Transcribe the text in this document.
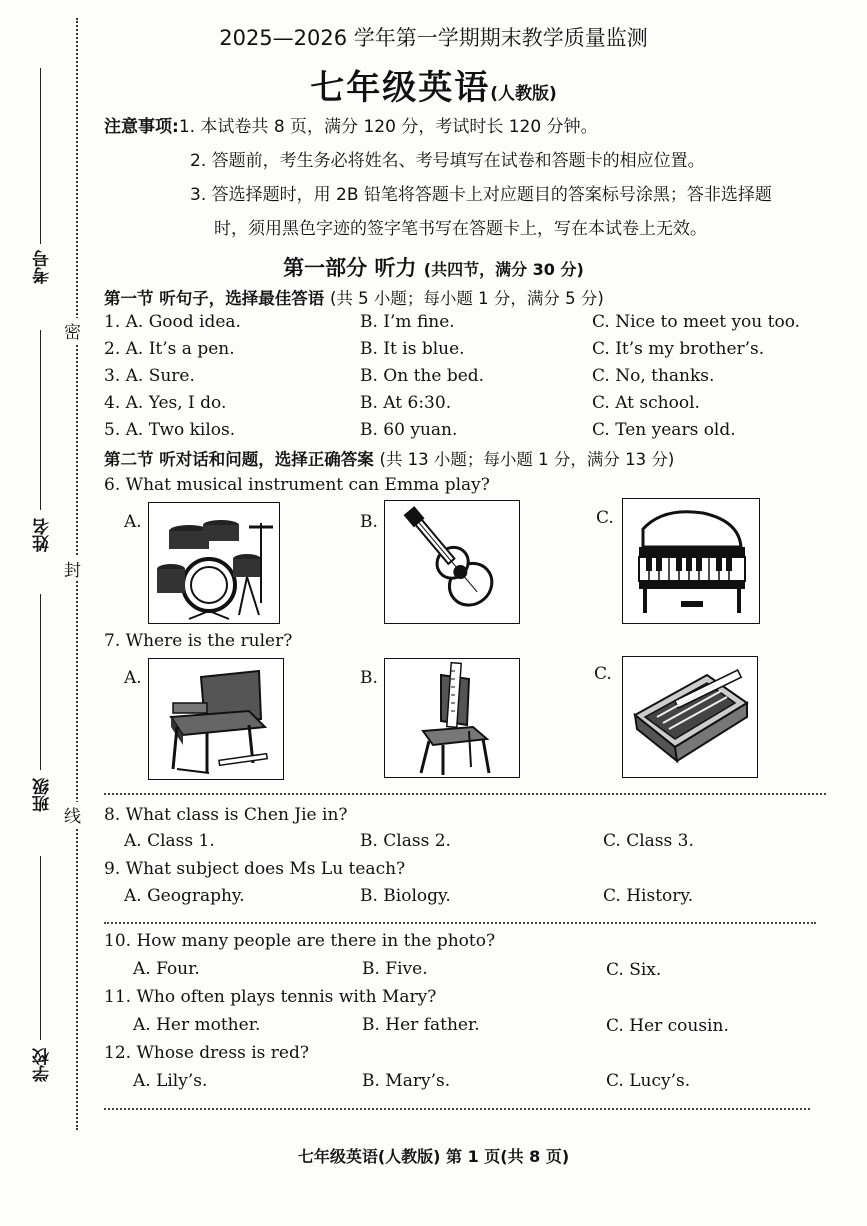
考号
姓名
班级
学校
密
封
线
2025—2026 学年第一学期期末教学质量监测
七年级英语(人教版)
注意事项:1. 本试卷共 8 页，满分 120 分，考试时长 120 分钟。
2. 答题前，考生务必将姓名、考号填写在试卷和答题卡的相应位置。
3. 答选择题时，用 2B 铅笔将答题卡上对应题目的答案标号涂黑；答非选择题
时，须用黑色字迹的签字笔书写在答题卡上，写在本试卷上无效。
第一部分 听力 (共四节，满分 30 分)
第一节 听句子，选择最佳答语 (共 5 小题；每小题 1 分，满分 5 分)
1. A. Good idea.	B. I’m fine.	C. Nice to meet you too.
2. A. It’s a pen.	B. It is blue.	C. It’s my brother’s.
3. A. Sure.	B. On the bed.	C. No, thanks.
4. A. Yes, I do.	B. At 6:30.	C. At school.
5. A. Two kilos.	B. 60 yuan.	C. Ten years old.
第二节 听对话和问题，选择正确答案 (共 13 小题；每小题 1 分，满分 13 分)
6. What musical instrument can Emma play?
A.	B.	C.
7. Where is the ruler?
A.	B.	C.
8. What class is Chen Jie in?
A. Class 1.	B. Class 2.	C. Class 3.
9. What subject does Ms Lu teach?
A. Geography.	B. Biology.	C. History.
10. How many people are there in the photo?
A. Four.	B. Five.	C. Six.
11. Who often plays tennis with Mary?
A. Her mother.	B. Her father.	C. Her cousin.
12. Whose dress is red?
A. Lily’s.	B. Mary’s.	C. Lucy’s.
七年级英语(人教版) 第 1 页(共 8 页)
